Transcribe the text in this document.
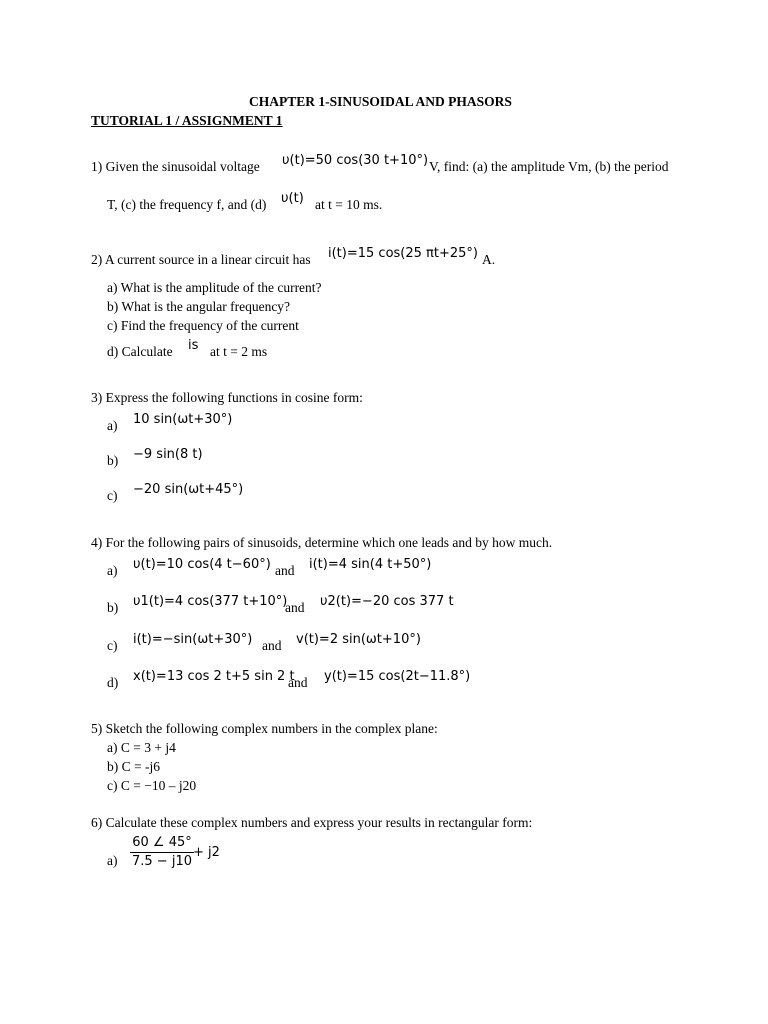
CHAPTER 1-SINUSOIDAL AND PHASORS
TUTORIAL 1 / ASSIGNMENT 1
1) Given the sinusoidal voltage υ(t)=50 cos(30 t+10°) V, find: (a) the amplitude Vm, (b) the period
T, (c) the frequency f, and (d) υ(t) at t = 10 ms.
2) A current source in a linear circuit has i(t)=15 cos(25 πt+25°) A.
a) What is the amplitude of the current?
b) What is the angular frequency?
c) Find the frequency of the current
d) Calculate is at t = 2 ms
3) Express the following functions in cosine form:
a) 10 sin(ωt+30°)
b) −9 sin(8 t)
c) −20 sin(ωt+45°)
4) For the following pairs of sinusoids, determine which one leads and by how much.
a) υ(t)=10 cos(4 t−60°) and i(t)=4 sin(4 t+50°)
b) υ1(t)=4 cos(377 t+10°)
and υ2(t)=−20 cos 377 t
c) i(t)=−sin(ωt+30°) and v(t)=2 sin(ωt+10°)
d) x(t)=13 cos 2 t+5 sin 2 t
and y(t)=15 cos(2t−11.8°)
5) Sketch the following complex numbers in the complex plane:
a) C = 3 + j4
b) C = -j6
c) C = −10 – j20
6) Calculate these complex numbers and express your results in rectangular form:
a)
60 ∠ 45°
7.5 − j10
+ j2
